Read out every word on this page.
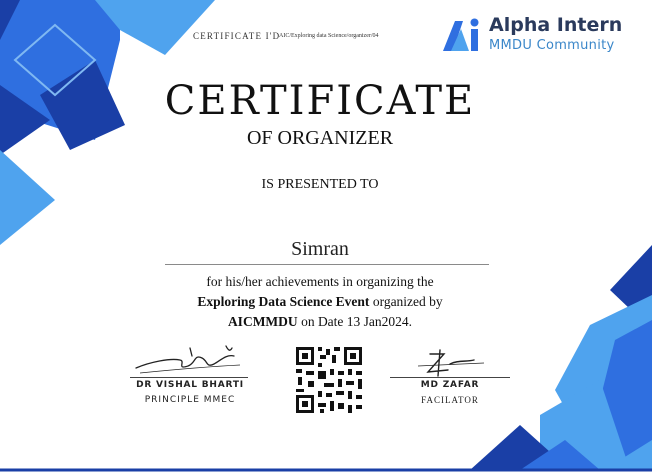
CERTIFICATE I'D
AIC/Exploring data Science/organizer/04	Alpha Intern
MMDU Community
CERTIFICATE
OF ORGANIZER
IS PRESENTED TO
Simran
for his/her achievements in organizing the
Exploring Data Science Event organized by
AICMMDU on Date 13 Jan2024.
DR VISHAL BHARTI
PRINCIPLE MMEC
MD ZAFAR
FACILATOR
